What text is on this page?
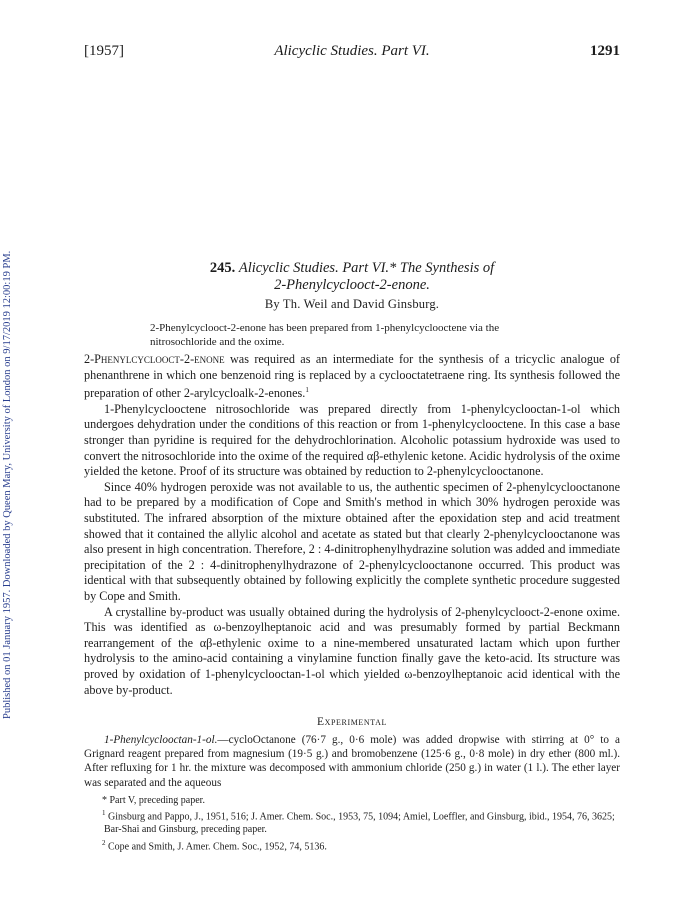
Published on 01 January 1957. Downloaded by Queen Mary, University of London on 9/17/2019 12:00:19 PM.
[1957]	Alicyclic Studies. Part VI.	1291
245. Alicyclic Studies. Part VI.* The Synthesis of
2-Phenylcyclooct-2-enone.
By Th. Weil and David Ginsburg.
2-Phenylcyclooct-2-enone has been prepared from 1-phenylcyclooctene via the nitrosochloride and the oxime.

2-Phenylcyclooct-2-enone was required as an intermediate for the synthesis of a tricyclic analogue of phenanthrene in which one benzenoid ring is replaced by a cyclooctatetraene ring. Its synthesis followed the preparation of other 2-arylcycloalk-2-enones.$^1$

1-Phenylcyclooctene nitrosochloride was prepared directly from 1-phenylcyclooctan-1-ol which undergoes dehydration under the conditions of this reaction or from 1-phenylcyclooctene. In this case a base stronger than pyridine is required for the dehydrochlorination. Alcoholic potassium hydroxide was used to convert the nitrosochloride into the oxime of the required αβ-ethylenic ketone. Acidic hydrolysis of the oxime yielded the ketone. Proof of its structure was obtained by reduction to 2-phenylcyclooctanone.

Since 40% hydrogen peroxide was not available to us, the authentic specimen of 2-phenylcyclooctanone had to be prepared by a modification of Cope and Smith's method in which 30% hydrogen peroxide was substituted. The infrared absorption of the mixture obtained after the epoxidation step and acid treatment showed that it contained the allylic alcohol and acetate as stated but that clearly 2-phenylcyclooctanone was also present in high concentration. Therefore, 2 : 4-dinitrophenylhydrazine solution was added and immediate precipitation of the 2 : 4-dinitrophenylhydrazone of 2-phenylcyclooctanone occurred. This product was identical with that subsequently obtained by following explicitly the complete synthetic procedure suggested by Cope and Smith.

A crystalline by-product was usually obtained during the hydrolysis of 2-phenylcyclooct-2-enone oxime. This was identified as ω-benzoylheptanoic acid and was presumably formed by partial Beckmann rearrangement of the αβ-ethylenic oxime to a nine-membered unsaturated lactam which upon further hydrolysis to the amino-acid containing a vinylamine function finally gave the keto-acid. Its structure was proved by oxidation of 1-phenylcyclooctan-1-ol which yielded ω-benzoylheptanoic acid identical with the above by-product.

Experimental

1-Phenylcyclooctan-1-ol.—cycloOctanone (76·7 g., 0·6 mole) was added dropwise with stirring at 0° to a Grignard reagent prepared from magnesium (19·5 g.) and bromobenzene (125·6 g., 0·8 mole) in dry ether (800 ml.). After refluxing for 1 hr. the mixture was decomposed with ammonium chloride (250 g.) in water (1 l.). The ether layer was separated and the aqueous

* Part V, preceding paper.

$^1$ Ginsburg and Pappo, J., 1951, 516; J. Amer. Chem. Soc., 1953, 75, 1094; Amiel, Loeffler, and Ginsburg, ibid., 1954, 76, 3625; Bar-Shai and Ginsburg, preceding paper.

$^2$ Cope and Smith, J. Amer. Chem. Soc., 1952, 74, 5136.
